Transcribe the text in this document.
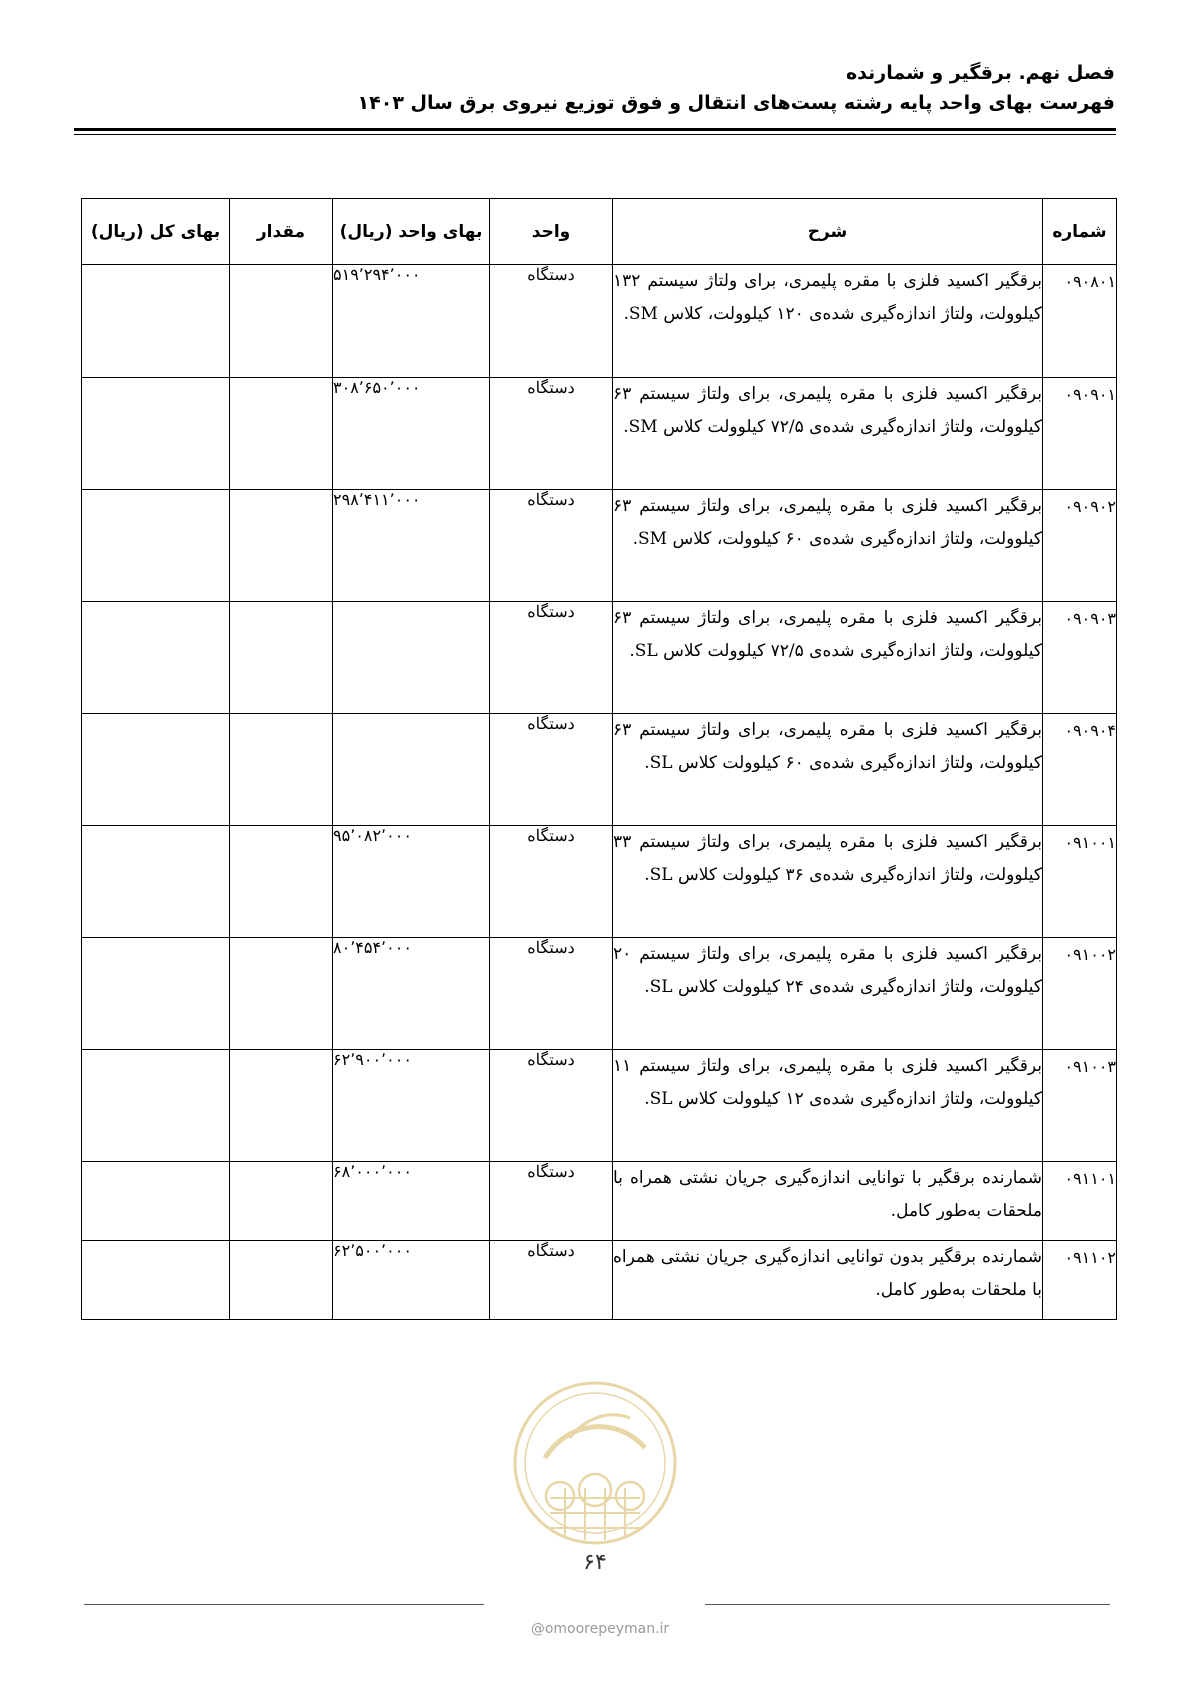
فصل نهم. برقگیر و شمارنده
فهرست بهای واحد پایه رشته پست‌های انتقال و فوق توزیع نیروی برق سال ۱۴۰۳
شماره	شرح	واحد	بهای واحد (ریال)	مقدار	بهای کل (ریال)
۰۹۰۸۰۱	برقگیر اکسید فلزی با مقره پلیمری، برای ولتاژ سیستم ۱۳۲ کیلوولت، ولتاژ اندازه‌گیری شده‌ی ۱۲۰ کیلوولت، کلاس SM.	دستگاه	۵۱۹٬۲۹۴٬۰۰۰		
۰۹۰۹۰۱	برقگیر اکسید فلزی با مقره پلیمری، برای ولتاژ سیستم ۶۳ کیلوولت، ولتاژ اندازه‌گیری شده‌ی ۷۲/۵ کیلوولت کلاس SM.	دستگاه	۳۰۸٬۶۵۰٬۰۰۰		
۰۹۰۹۰۲	برقگیر اکسید فلزی با مقره پلیمری، برای ولتاژ سیستم ۶۳ کیلوولت، ولتاژ اندازه‌گیری شده‌ی ۶۰ کیلوولت، کلاس SM.	دستگاه	۲۹۸٬۴۱۱٬۰۰۰		
۰۹۰۹۰۳	برقگیر اکسید فلزی با مقره پلیمری، برای ولتاژ سیستم ۶۳ کیلوولت، ولتاژ اندازه‌گیری شده‌ی ۷۲/۵ کیلوولت کلاس SL.	دستگاه			
۰۹۰۹۰۴	برقگیر اکسید فلزی با مقره پلیمری، برای ولتاژ سیستم ۶۳ کیلوولت، ولتاژ اندازه‌گیری شده‌ی ۶۰ کیلوولت کلاس SL.	دستگاه			
۰۹۱۰۰۱	برقگیر اکسید فلزی با مقره پلیمری، برای ولتاژ سیستم ۳۳ کیلوولت، ولتاژ اندازه‌گیری شده‌ی ۳۶ کیلوولت کلاس SL.	دستگاه	۹۵٬۰۸۲٬۰۰۰		
۰۹۱۰۰۲	برقگیر اکسید فلزی با مقره پلیمری، برای ولتاژ سیستم ۲۰ کیلوولت، ولتاژ اندازه‌گیری شده‌ی ۲۴ کیلوولت کلاس SL.	دستگاه	۸۰٬۴۵۴٬۰۰۰		
۰۹۱۰۰۳	برقگیر اکسید فلزی با مقره پلیمری، برای ولتاژ سیستم ۱۱ کیلوولت، ولتاژ اندازه‌گیری شده‌ی ۱۲ کیلوولت کلاس SL.	دستگاه	۶۲٬۹۰۰٬۰۰۰		
۰۹۱۱۰۱	شمارنده برقگیر با توانایی اندازه‌گیری جریان نشتی همراه با ملحقات به‌طور کامل.	دستگاه	۶۸٬۰۰۰٬۰۰۰		
۰۹۱۱۰۲	شمارنده برقگیر بدون توانایی اندازه‌گیری جریان نشتی همراه با ملحقات به‌طور کامل.	دستگاه	۶۲٬۵۰۰٬۰۰۰		
۶۴
@omoorepeyman.ir
